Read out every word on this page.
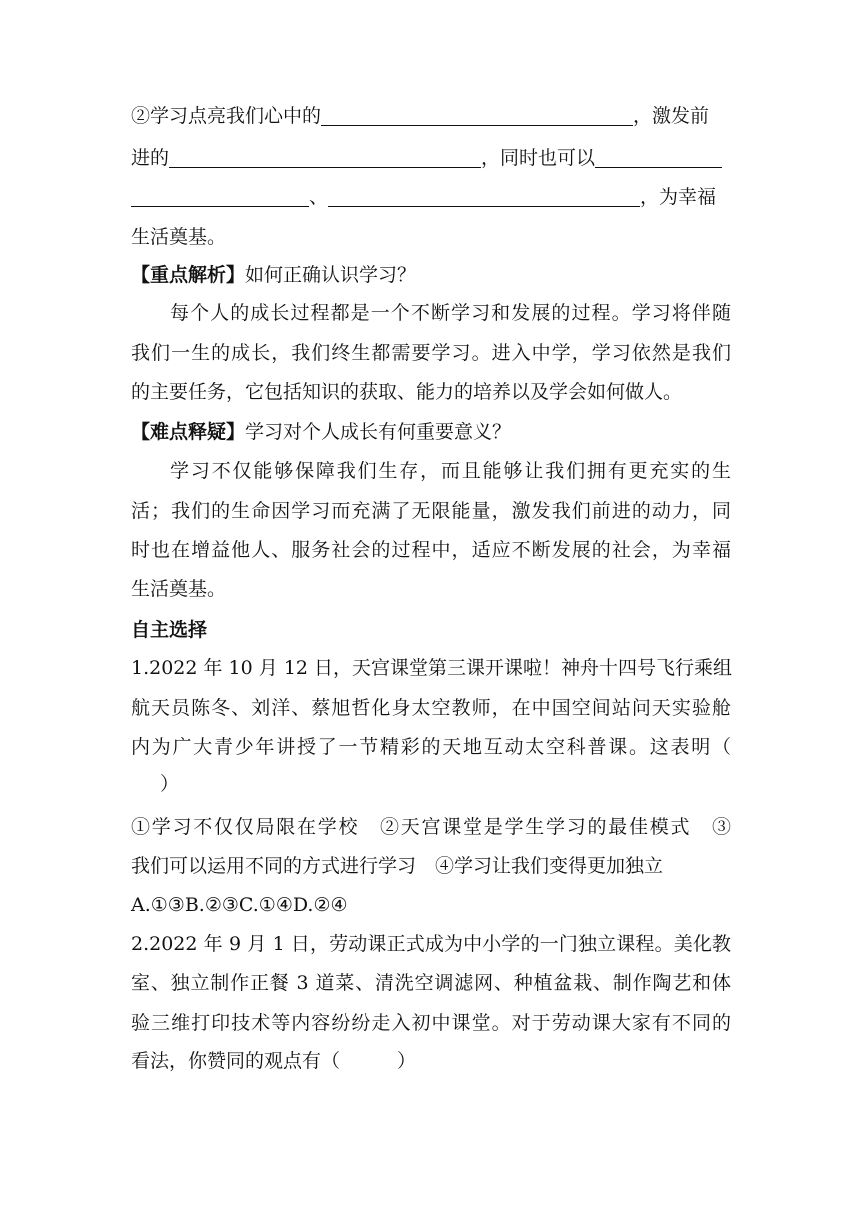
②学习点亮我们心中的	，激发前
进的	，同时也可以
、	，为幸福
生活奠基。
【重点解析】如何正确认识学习？
每个人的成长过程都是一个不断学习和发展的过程。学习将伴随
我们一生的成长，我们终生都需要学习。进入中学，学习依然是我们
的主要任务，它包括知识的获取、能力的培养以及学会如何做人。
【难点释疑】学习对个人成长有何重要意义？
学习不仅能够保障我们生存，而且能够让我们拥有更充实的生
活；我们的生命因学习而充满了无限能量，激发我们前进的动力，同
时也在增益他人、服务社会的过程中，适应不断发展的社会，为幸福
生活奠基。
自主选择
1.2022 年 10 月 12 日，天宫课堂第三课开课啦！神舟十四号飞行乘组
航天员陈冬、刘洋、蔡旭哲化身太空教师，在中国空间站问天实验舱
内为广大青少年讲授了一节精彩的天地互动太空科普课。这表明（
）
①学习不仅仅局限在学校　②天宫课堂是学生学习的最佳模式　③
我们可以运用不同的方式进行学习　④学习让我们变得更加独立
A.①③B.②③C.①④D.②④
2.2022 年 9 月 1 日，劳动课正式成为中小学的一门独立课程。美化教
室、独立制作正餐 3 道菜、清洗空调滤网、种植盆栽、制作陶艺和体
验三维打印技术等内容纷纷走入初中课堂。对于劳动课大家有不同的
看法，你赞同的观点有（　　　）
